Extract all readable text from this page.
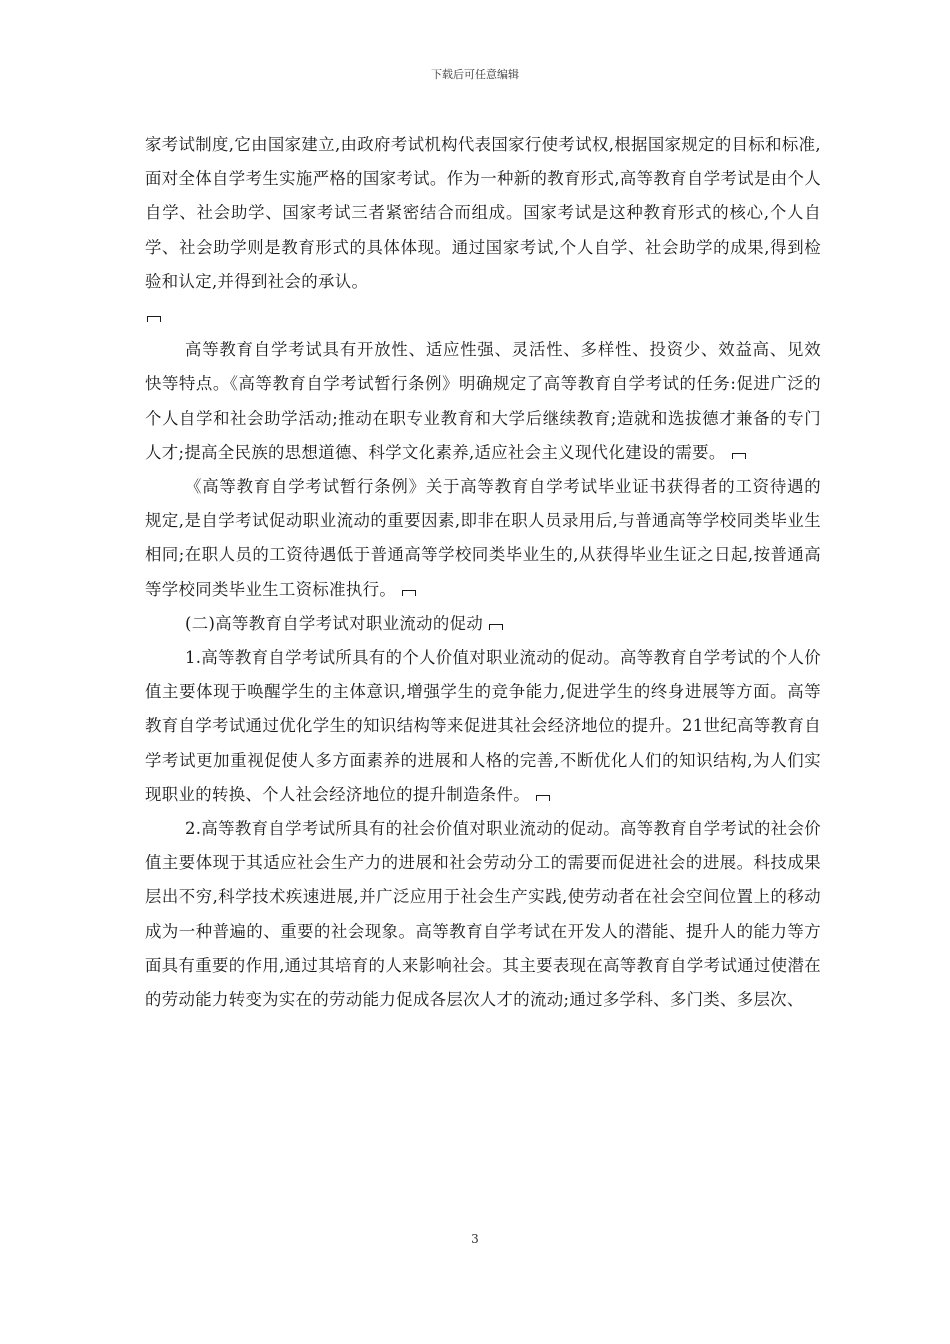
下载后可任意编辑

家考试制度,它由国家建立,由政府考试机构代表国家行使考试权,根据国家规定的目标和标准,面对全体自学考生实施严格的国家考试。作为一种新的教育形式,高等教育自学考试是由个人自学、社会助学、国家考试三者紧密结合而组成。国家考试是这种教育形式的核心,个人自学、社会助学则是教育形式的具体体现。通过国家考试,个人自学、社会助学的成果,得到检验和认定,并得到社会的承认。

高等教育自学考试具有开放性、适应性强、灵活性、多样性、投资少、效益高、见效快等特点。《高等教育自学考试暂行条例》明确规定了高等教育自学考试的任务:促进广泛的个人自学和社会助学活动;推动在职专业教育和大学后继续教育;造就和选拔德才兼备的专门人才;提高全民族的思想道德、科学文化素养,适应社会主义现代化建设的需要。

《高等教育自学考试暂行条例》关于高等教育自学考试毕业证书获得者的工资待遇的规定,是自学考试促动职业流动的重要因素,即非在职人员录用后,与普通高等学校同类毕业生相同;在职人员的工资待遇低于普通高等学校同类毕业生的,从获得毕业生证之日起,按普通高等学校同类毕业生工资标准执行。

(二)高等教育自学考试对职业流动的促动

1.高等教育自学考试所具有的个人价值对职业流动的促动。高等教育自学考试的个人价值主要体现于唤醒学生的主体意识,增强学生的竞争能力,促进学生的终身进展等方面。高等教育自学考试通过优化学生的知识结构等来促进其社会经济地位的提升。21世纪高等教育自学考试更加重视促使人多方面素养的进展和人格的完善,不断优化人们的知识结构,为人们实现职业的转换、个人社会经济地位的提升制造条件。

2.高等教育自学考试所具有的社会价值对职业流动的促动。高等教育自学考试的社会价值主要体现于其适应社会生产力的进展和社会劳动分工的需要而促进社会的进展。科技成果层出不穷,科学技术疾速进展,并广泛应用于社会生产实践,使劳动者在社会空间位置上的移动成为一种普遍的、重要的社会现象。高等教育自学考试在开发人的潜能、提升人的能力等方面具有重要的作用,通过其培育的人来影响社会。其主要表现在高等教育自学考试通过使潜在的劳动能力转变为实在的劳动能力促成各层次人才的流动;通过多学科、多门类、多层次、

3
